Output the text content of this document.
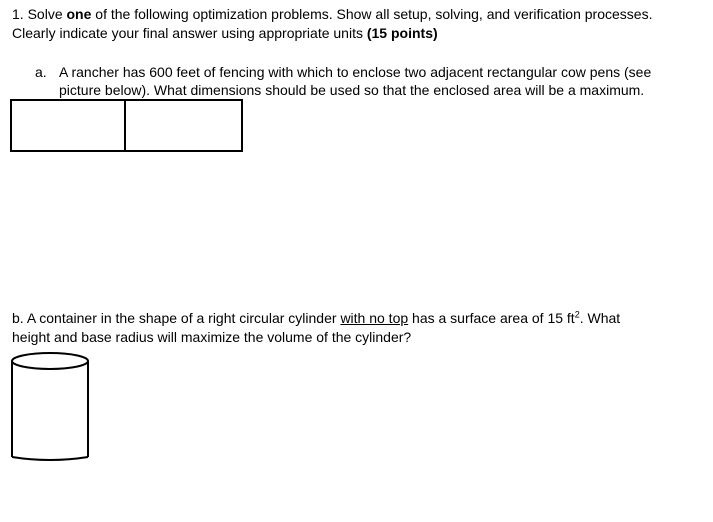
1. Solve one of the following optimization problems. Show all setup, solving, and verification processes.
Clearly indicate your final answer using appropriate units (15 points)
a. A rancher has 600 feet of fencing with which to enclose two adjacent rectangular cow pens (see
picture below). What dimensions should be used so that the enclosed area will be a maximum.
b. A container in the shape of a right circular cylinder with no top has a surface area of 15 $ft^2$. What
height and base radius will maximize the volume of the cylinder?
